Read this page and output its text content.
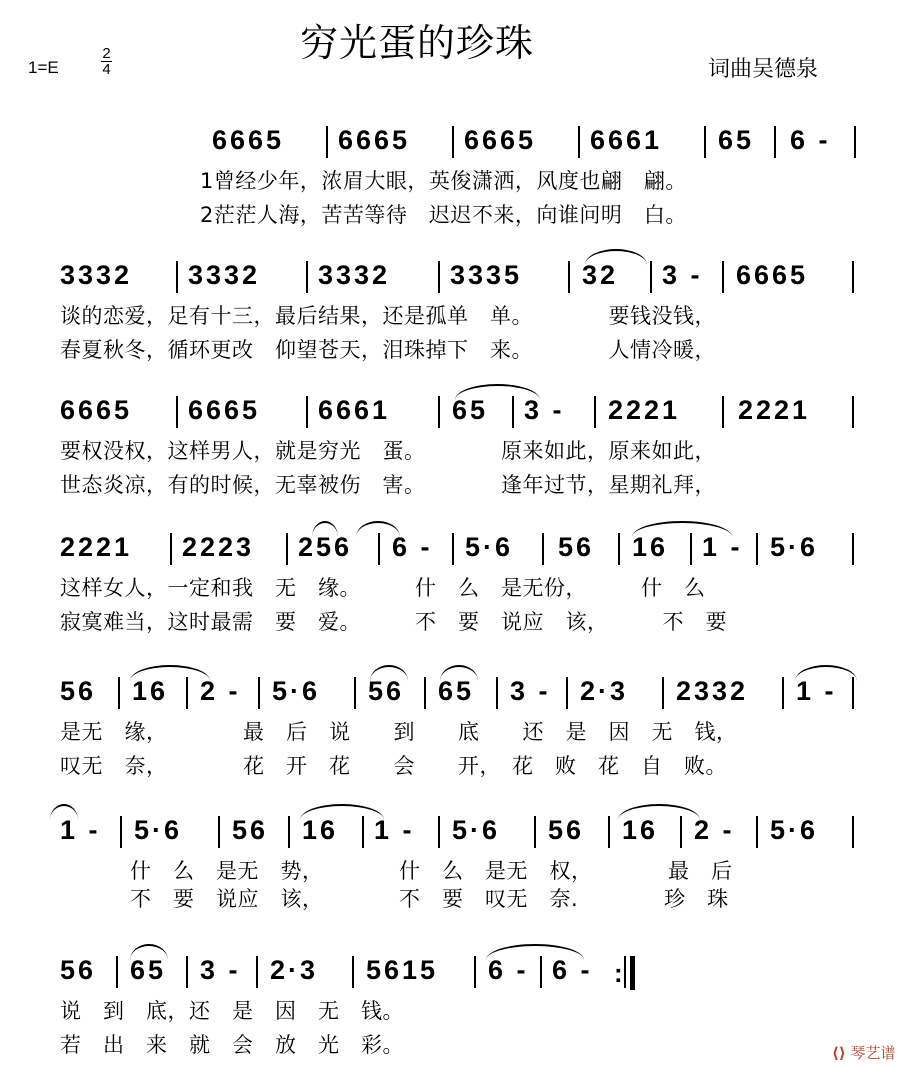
穷光蛋的珍珠
1=E
2
4	词曲吴德泉
6665 6665 6665 6661 65 6 -
1曾经少年，浓眉大眼，英俊潇洒，风度也翩　翩。
2茫茫人海，苦苦等待　迟迟不来，向谁问明　白。
3332 3332 3332 3335 32 3 - 6665
谈的恋爱，足有十三，最后结果，还是孤单　单。　　　　要钱没钱，
春夏秋冬，循环更改　仰望苍天，泪珠掉下　来。　　　　人情冷暖，
6665 6665 6661 65 3 - 2221 2221
要权没权，这样男人，就是穷光　蛋。　　　　原来如此，原来如此，
世态炎凉，有的时候，无辜被伤　害。　　　　逢年过节，星期礼拜，
2221 2223 256 6 - 5·6 56 16 1 - 5·6
这样女人，一定和我　无　缘。　　　什　么　是无份，　　　什　么
寂寞难当，这时最需　要　爱。　　　不　要　说应　该，　　　不　要
56 16 2 - 5·6 56 65 3 - 2·3 2332 1 -
是无　缘，　　　　最　后　说　　到　　底　　还　是　因　无　钱，
叹无　奈，　　　　花　开　花　　会　　开，　花　败　花　自　败。
1 - 5·6 56 16 1 - 5·6 56 16 2 - 5·6
什　么　是无　势，　　　　什　么　是无　权，　　　　最　后
不　要　说应　该，　　　　不　要　叹无　奈.　　　　珍　珠
56 65 3 - 2·3 5615 6 - 6 - :
说　到　底，还　是　因　无　钱。
若　出　来　就　会　放　光　彩。	⟨⟩ 琴艺谱
